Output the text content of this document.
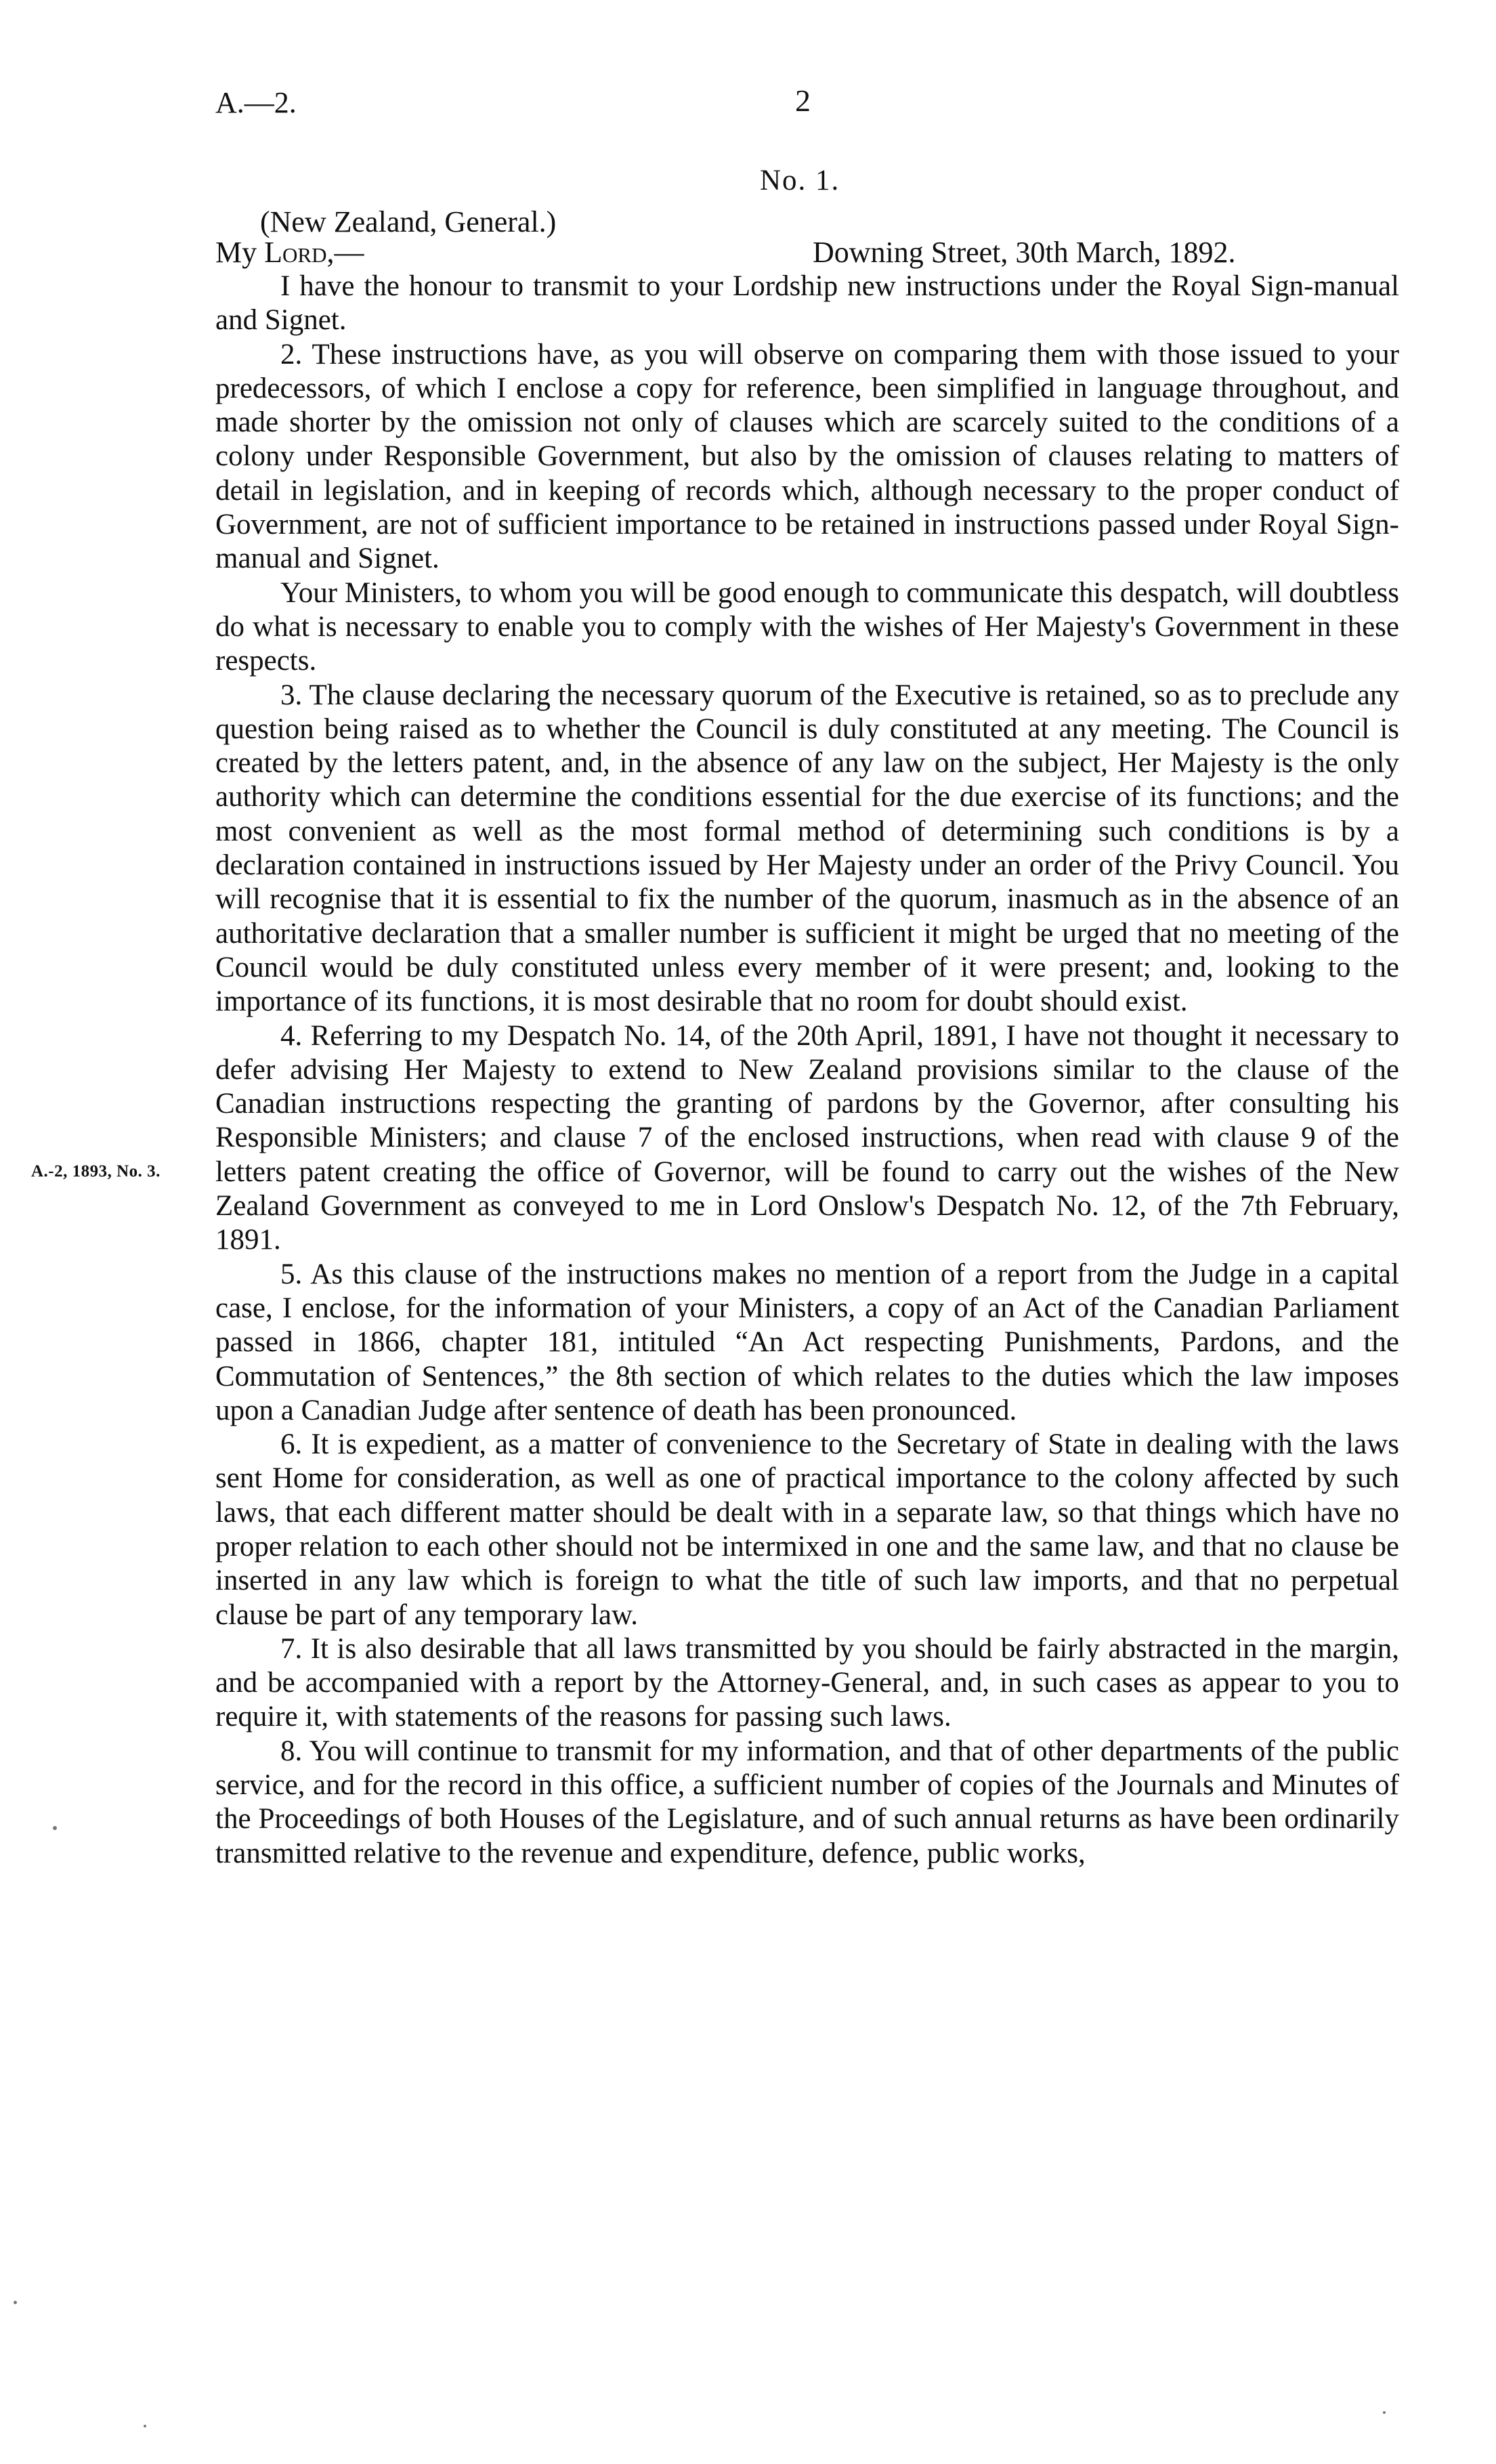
A.—2.	2
No. 1.
(New Zealand, General.)
My Lord,—	Downing Street, 30th March, 1892.
A.-2, 1893, No. 3.

I have the honour to transmit to your Lordship new instructions under the Royal Sign-manual and Signet.

2. These instructions have, as you will observe on comparing them with those issued to your predecessors, of which I enclose a copy for reference, been simplified in language throughout, and made shorter by the omission not only of clauses which are scarcely suited to the conditions of a colony under Responsible Government, but also by the omission of clauses relating to matters of detail in legislation, and in keeping of records which, although necessary to the proper conduct of Government, are not of sufficient importance to be retained in instructions passed under Royal Sign-manual and Signet.

Your Ministers, to whom you will be good enough to communicate this despatch, will doubtless do what is necessary to enable you to comply with the wishes of Her Majesty's Government in these respects.

3. The clause declaring the necessary quorum of the Executive is retained, so as to preclude any question being raised as to whether the Council is duly constituted at any meeting. The Council is created by the letters patent, and, in the absence of any law on the subject, Her Majesty is the only authority which can determine the conditions essential for the due exercise of its functions; and the most convenient as well as the most formal method of determining such conditions is by a declaration contained in instructions issued by Her Majesty under an order of the Privy Council. You will recognise that it is essential to fix the number of the quorum, inasmuch as in the absence of an authoritative declaration that a smaller number is sufficient it might be urged that no meeting of the Council would be duly constituted unless every member of it were present; and, looking to the importance of its functions, it is most desirable that no room for doubt should exist.

4. Referring to my Despatch No. 14, of the 20th April, 1891, I have not thought it necessary to defer advising Her Majesty to extend to New Zealand provisions similar to the clause of the Canadian instructions respecting the granting of pardons by the Governor, after consulting his Responsible Ministers; and clause 7 of the enclosed instructions, when read with clause 9 of the letters patent creating the office of Governor, will be found to carry out the wishes of the New Zealand Government as conveyed to me in Lord Onslow's Despatch No. 12, of the 7th February, 1891.

5. As this clause of the instructions makes no mention of a report from the Judge in a capital case, I enclose, for the information of your Ministers, a copy of an Act of the Canadian Parliament passed in 1866, chapter 181, intituled “An Act respecting Punishments, Pardons, and the Commutation of Sentences,” the 8th section of which relates to the duties which the law imposes upon a Canadian Judge after sentence of death has been pronounced.

6. It is expedient, as a matter of convenience to the Secretary of State in dealing with the laws sent Home for consideration, as well as one of practical importance to the colony affected by such laws, that each different matter should be dealt with in a separate law, so that things which have no proper relation to each other should not be intermixed in one and the same law, and that no clause be inserted in any law which is foreign to what the title of such law imports, and that no perpetual clause be part of any temporary law.

7. It is also desirable that all laws transmitted by you should be fairly abstracted in the margin, and be accompanied with a report by the Attorney-General, and, in such cases as appear to you to require it, with statements of the reasons for passing such laws.

8. You will continue to transmit for my information, and that of other departments of the public service, and for the record in this office, a sufficient number of copies of the Journals and Minutes of the Proceedings of both Houses of the Legislature, and of such annual returns as have been ordinarily transmitted relative to the revenue and expenditure, defence, public works,
